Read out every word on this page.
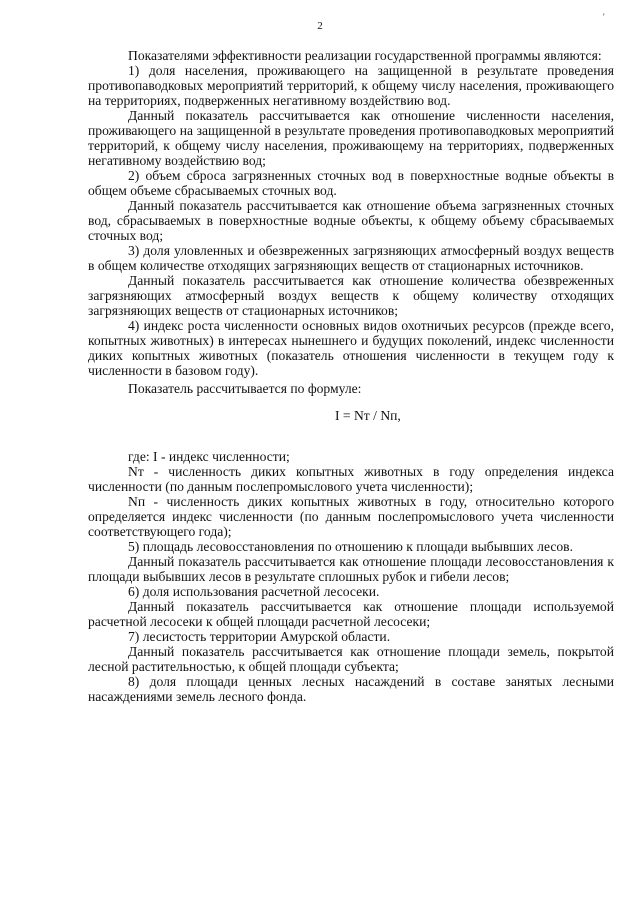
2
'

Показателями эффективности реализации государственной программы являются:

1) доля населения, проживающего на защищенной в результате проведения противопаводковых мероприятий территорий, к общему числу населения, проживающего на территориях, подверженных негативному воздействию вод.

Данный показатель рассчитывается как отношение численности населения, проживающего на защищенной в результате проведения противопаводковых мероприятий территорий, к общему числу населения, проживающему на территориях, подверженных негативному воздействию вод;

2) объем сброса загрязненных сточных вод в поверхностные водные объекты в общем объеме сбрасываемых сточных вод.

Данный показатель рассчитывается как отношение объема загрязненных сточных вод, сбрасываемых в поверхностные водные объекты, к общему объему сбрасываемых сточных вод;

3) доля уловленных и обезвреженных загрязняющих атмосферный воздух веществ в общем количестве отходящих загрязняющих веществ от стационарных источников.

Данный показатель рассчитывается как отношение количества обезвреженных загрязняющих атмосферный воздух веществ к общему количеству отходящих загрязняющих веществ от стационарных источников;

4) индекс роста численности основных видов охотничьих ресурсов (прежде всего, копытных животных) в интересах нынешнего и будущих поколений, индекс численности диких копытных животных (показатель отношения численности в текущем году к численности в базовом году).

Показатель рассчитывается по формуле:

I = Nт / Nп,

где: I - индекс численности;

Nт - численность диких копытных животных в году определения индекса численности (по данным послепромыслового учета численности);

Nп - численность диких копытных животных в году, относительно которого определяется индекс численности (по данным послепромыслового учета численности соответствующего года);

5) площадь лесовосстановления по отношению к площади выбывших лесов.

Данный показатель рассчитывается как отношение площади лесовосстановления к площади выбывших лесов в результате сплошных рубок и гибели лесов;

6) доля использования расчетной лесосеки.

Данный показатель рассчитывается как отношение площади используемой расчетной лесосеки к общей площади расчетной лесосеки;

7) лесистость территории Амурской области.

Данный показатель рассчитывается как отношение площади земель, покрытой лесной растительностью, к общей площади субъекта;

8) доля площади ценных лесных насаждений в составе занятых лесными насаждениями земель лесного фонда.
